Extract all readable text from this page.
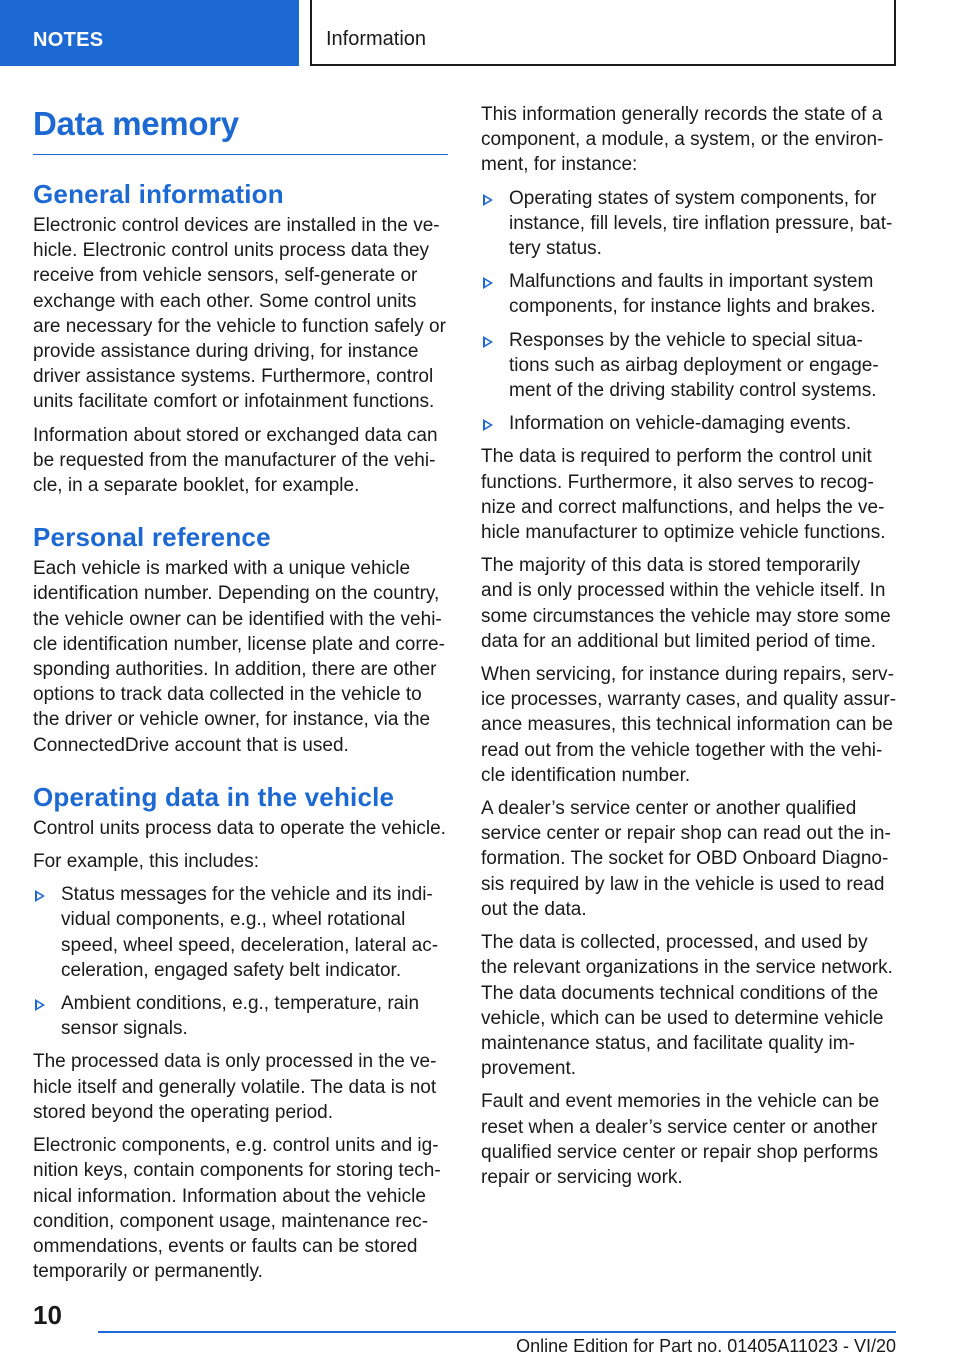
NOTES	Information
Data memory
General information

Electronic control devices are installed in the vehicle. Electronic control units process data they receive from vehicle sensors, self-generate or exchange with each other. Some control units are necessary for the vehicle to function safely or provide assistance during driving, for instance driver assistance systems. Furthermore, control units facilitate comfort or infotainment functions.

Information about stored or exchanged data can be requested from the manufacturer of the vehicle, in a separate booklet, for example.

Personal reference

Each vehicle is marked with a unique vehicle identification number. Depending on the country, the vehicle owner can be identified with the vehicle identification number, license plate and corresponding authorities. In addition, there are other options to track data collected in the vehicle to the driver or vehicle owner, for instance, via the ConnectedDrive account that is used.

Operating data in the vehicle

Control units process data to operate the vehicle.

For example, this includes:

Status messages for the vehicle and its individual components, e.g., wheel rotational speed, wheel speed, deceleration, lateral acceleration, engaged safety belt indicator.
Ambient conditions, e.g., temperature, rain sensor signals.

The processed data is only processed in the vehicle itself and generally volatile. The data is not stored beyond the operating period.

Electronic components, e.g. control units and ignition keys, contain components for storing technical information. Information about the vehicle condition, component usage, maintenance recommendations, events or faults can be stored temporarily or permanently.

This information generally records the state of a component, a module, a system, or the environment, for instance:

Operating states of system components, for instance, fill levels, tire inflation pressure, battery status.
Malfunctions and faults in important system components, for instance lights and brakes.
Responses by the vehicle to special situations such as airbag deployment or engagement of the driving stability control systems.
Information on vehicle-damaging events.

The data is required to perform the control unit functions. Furthermore, it also serves to recognize and correct malfunctions, and helps the vehicle manufacturer to optimize vehicle functions.

The majority of this data is stored temporarily and is only processed within the vehicle itself. In some circumstances the vehicle may store some data for an additional but limited period of time.

When servicing, for instance during repairs, service processes, warranty cases, and quality assurance measures, this technical information can be read out from the vehicle together with the vehicle identification number.

A dealer’s service center or another qualified service center or repair shop can read out the information. The socket for OBD Onboard Diagnosis required by law in the vehicle is used to read out the data.

The data is collected, processed, and used by the relevant organizations in the service network. The data documents technical conditions of the vehicle, which can be used to determine vehicle maintenance status, and facilitate quality improvement.

Fault and event memories in the vehicle can be reset when a dealer’s service center or another qualified service center or repair shop performs repair or servicing work.

10
Online Edition for Part no. 01405A11023 - VI/20
